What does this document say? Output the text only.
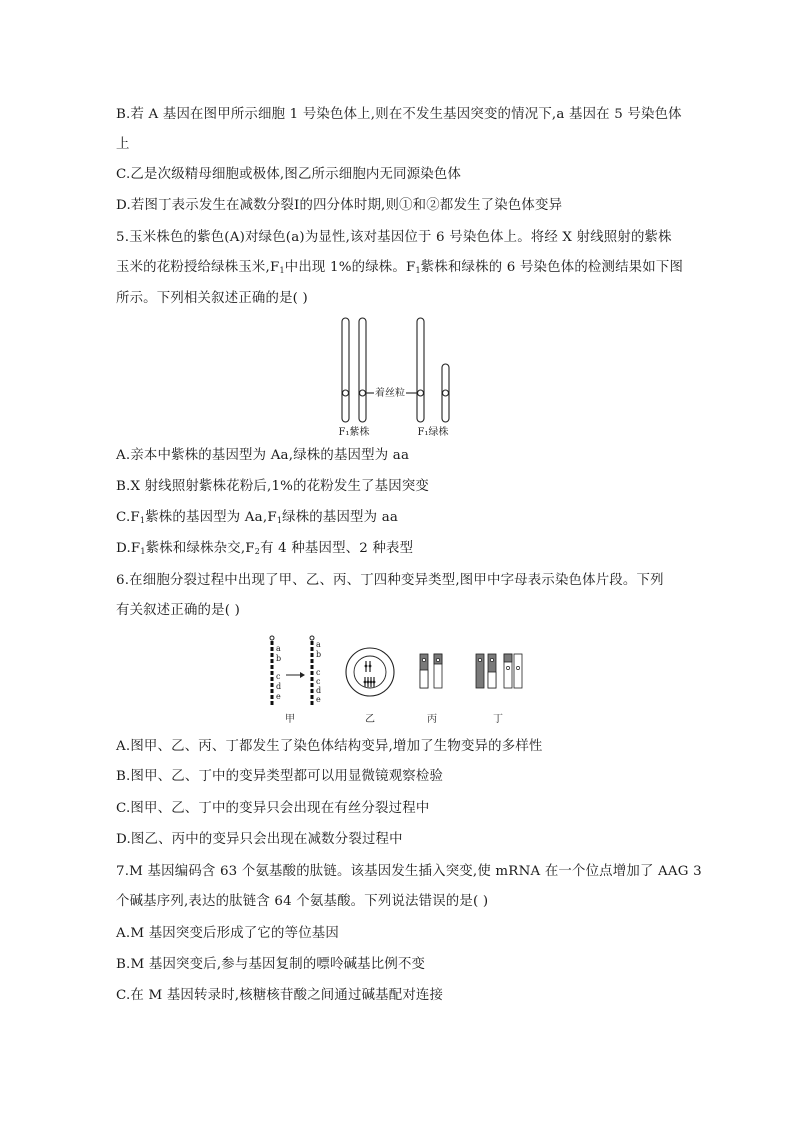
B.若 A 基因在图甲所示细胞 1 号染色体上,则在不发生基因突变的情况下,a 基因在 5 号染色体
上
C.乙是次级精母细胞或极体,图乙所示细胞内无同源染色体
D.若图丁表示发生在减数分裂Ⅰ的四分体时期,则①和②都发生了染色体变异
5.玉米株色的紫色(A)对绿色(a)为显性,该对基因位于 6 号染色体上。将经 X 射线照射的紫株
玉米的花粉授给绿株玉米$,F_1$中出现 1%的绿株。$F_1$紫株和绿株的 6 号染色体的检测结果如下图
所示。下列相关叙述正确的是( )
着丝粒
F₁紫株	F₁绿株
A.亲本中紫株的基因型为 Aa,绿株的基因型为 aa
B.X 射线照射紫株花粉后,1%的花粉发生了基因突变
$C.F_1$紫株的基因型为 $Aa,F_1$绿株的基因型为 aa
$D.F_1$紫株和绿株杂交$,F_2$有 4 种基因型、2 种表型
6.在细胞分裂过程中出现了甲、乙、丙、丁四种变异类型,图甲中字母表示染色体片段。下列
有关叙述正确的是( )
a
b
c
d
e
a
b
c
c
d
e
甲	乙	丙	丁
A.图甲、乙、丙、丁都发生了染色体结构变异,增加了生物变异的多样性
B.图甲、乙、丁中的变异类型都可以用显微镜观察检验
C.图甲、乙、丁中的变异只会出现在有丝分裂过程中
D.图乙、丙中的变异只会出现在减数分裂过程中
7.M 基因编码含 63 个氨基酸的肽链。该基因发生插入突变,使 mRNA 在一个位点增加了 AAG 3
个碱基序列,表达的肽链含 64 个氨基酸。下列说法错误的是( )
A.M 基因突变后形成了它的等位基因
B.M 基因突变后,参与基因复制的嘌呤碱基比例不变
C.在 M 基因转录时,核糖核苷酸之间通过碱基配对连接
